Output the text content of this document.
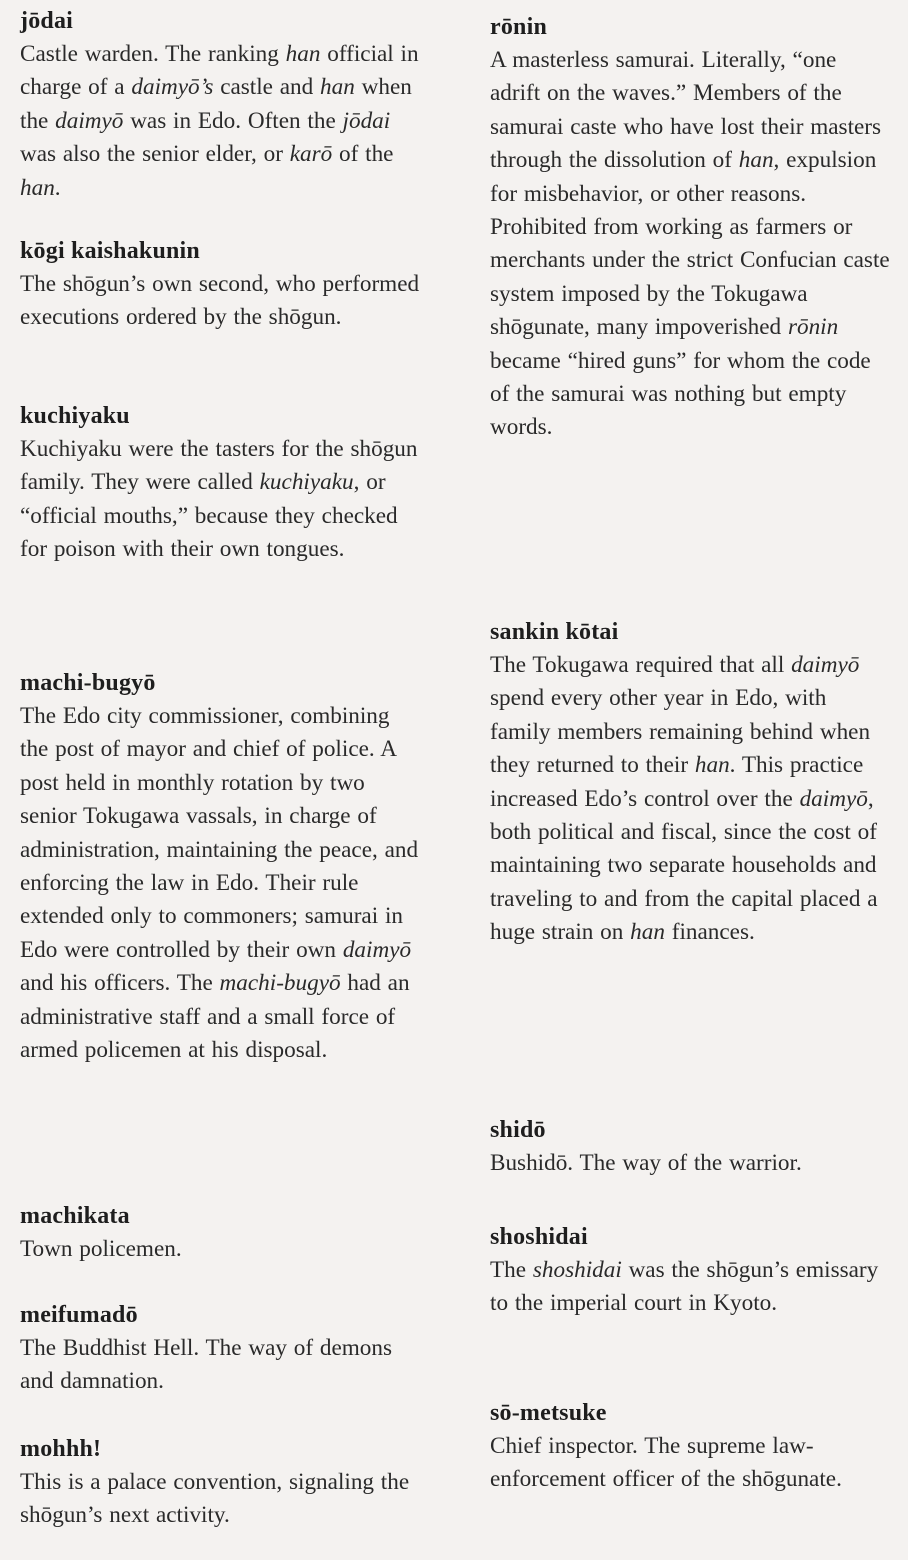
jōdai
Castle warden. The ranking han official in charge of a daimyō’s castle and han when the daimyō was in Edo. Often the jōdai was also the senior elder, or karō of the han.
kōgi kaishakunin
The shōgun’s own second, who performed executions ordered by the shōgun.
kuchiyaku
Kuchiyaku were the tasters for the shōgun family. They were called kuchiyaku, or “official mouths,” because they checked for poison with their own tongues.
machi-bugyō
The Edo city commissioner, combining the post of mayor and chief of police. A post held in monthly rotation by two senior Tokugawa vassals, in charge of administration, maintaining the peace, and enforcing the law in Edo. Their rule extended only to commoners; samurai in Edo were controlled by their own daimyō and his officers. The machi-bugyō had an administrative staff and a small force of armed policemen at his disposal.
machikata
Town policemen.
meifumadō
The Buddhist Hell. The way of demons and damnation.
mohhh!
This is a palace convention, signaling the shōgun’s next activity.
rōnin
A masterless samurai. Literally, “one adrift on the waves.” Members of the samurai caste who have lost their masters through the dissolution of han, expulsion for misbehavior, or other reasons. Prohibited from working as farmers or merchants under the strict Confucian caste system imposed by the Tokugawa shōgunate, many impoverished rōnin became “hired guns” for whom the code of the samurai was nothing but empty words.
sankin kōtai
The Tokugawa required that all daimyō spend every other year in Edo, with family members remaining behind when they returned to their han. This practice increased Edo’s control over the daimyō, both political and fiscal, since the cost of maintaining two separate households and traveling to and from the capital placed a huge strain on han finances.
shidō
Bushidō. The way of the warrior.
shoshidai
The shoshidai was the shōgun’s emissary to the imperial court in Kyoto.
sō-metsuke
Chief inspector. The supreme law-enforcement officer of the shōgunate.
